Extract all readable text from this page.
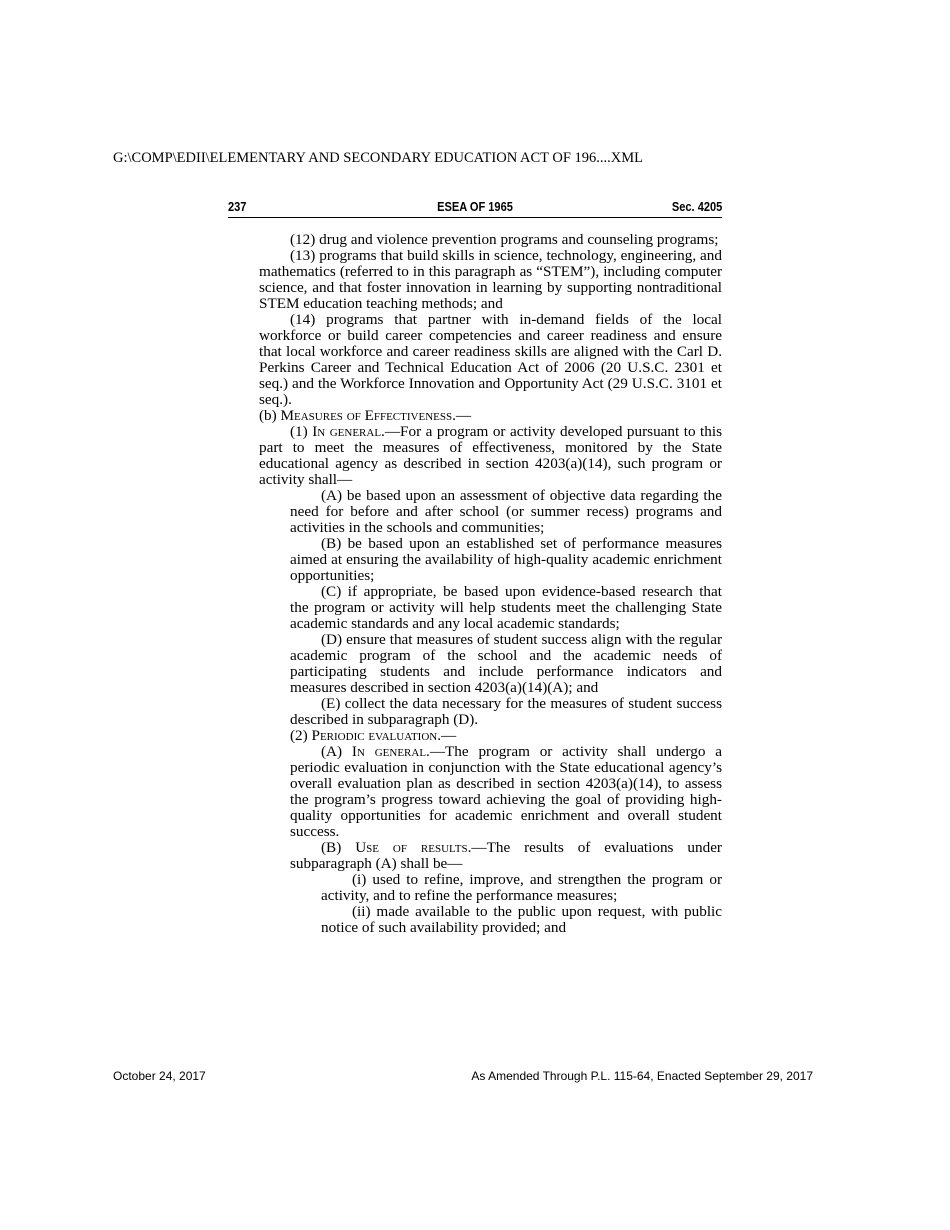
G:\COMP\EDII\ELEMENTARY AND SECONDARY EDUCATION ACT OF 196....XML
237	ESEA OF 1965	Sec. 4205

(12) drug and violence prevention programs and counseling programs;

(13) programs that build skills in science, technology, engineering, and mathematics (referred to in this paragraph as “STEM”), including computer science, and that foster innovation in learning by supporting nontraditional STEM education teaching methods; and

(14) programs that partner with in-demand fields of the local workforce or build career competencies and career readiness and ensure that local workforce and career readiness skills are aligned with the Carl D. Perkins Career and Technical Education Act of 2006 (20 U.S.C. 2301 et seq.) and the Workforce Innovation and Opportunity Act (29 U.S.C. 3101 et seq.).

(b) Measures of Effectiveness.—

(1) In general.—For a program or activity developed pursuant to this part to meet the measures of effectiveness, monitored by the State educational agency as described in section 4203(a)(14), such program or activity shall—

(A) be based upon an assessment of objective data regarding the need for before and after school (or summer recess) programs and activities in the schools and communities;

(B) be based upon an established set of performance measures aimed at ensuring the availability of high-quality academic enrichment opportunities;

(C) if appropriate, be based upon evidence-based research that the program or activity will help students meet the challenging State academic standards and any local academic standards;

(D) ensure that measures of student success align with the regular academic program of the school and the academic needs of participating students and include performance indicators and measures described in section 4203(a)(14)(A); and

(E) collect the data necessary for the measures of student success described in subparagraph (D).

(2) Periodic evaluation.—

(A) In general.—The program or activity shall undergo a periodic evaluation in conjunction with the State educational agency’s overall evaluation plan as described in section 4203(a)(14), to assess the program’s progress toward achieving the goal of providing high-quality opportunities for academic enrichment and overall student success.

(B) Use of results.—The results of evaluations under subparagraph (A) shall be—

(i) used to refine, improve, and strengthen the program or activity, and to refine the performance measures;

(ii) made available to the public upon request, with public notice of such availability provided; and

October 24, 2017	As Amended Through P.L. 115-64, Enacted September 29, 2017
